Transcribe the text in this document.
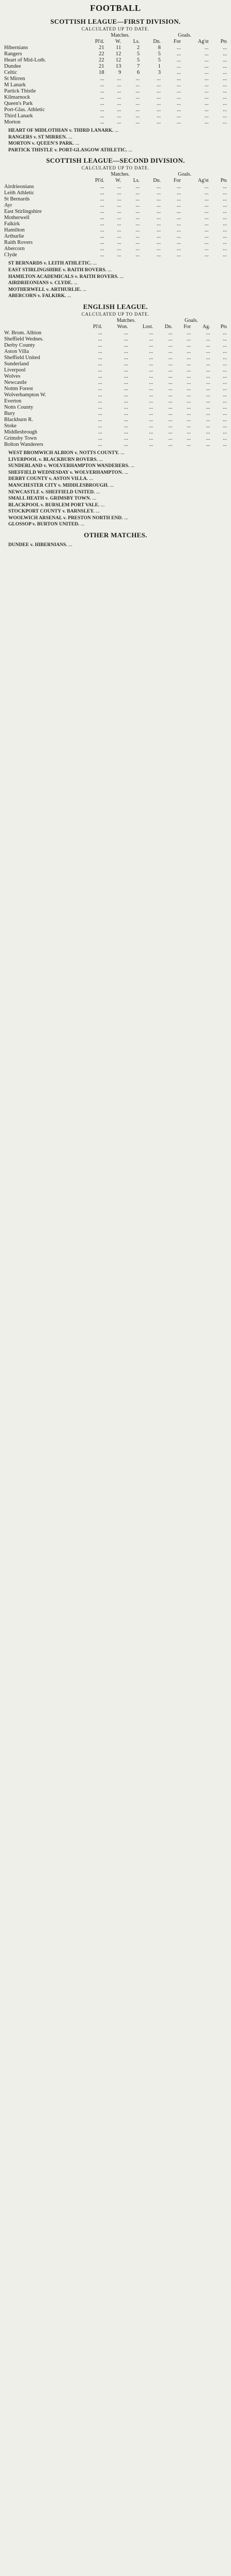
FOOTBALL
SCOTTISH LEAGUE—FIRST DIVISION.
CALCULATED UP TO DATE.
	Matches.				Goals.		
	Pl'd.	W.	Ls.	Dn.	For	Ag'st	Pts
Hibernians	21	11	2	8	...	...	...
Rangers	22	12	5	5	...	...	...
Heart of Mid-Loth.	22	12	5	5	...	...	...
Dundee	21	13	7	1	...	...	...
Celtic	18	9	6	3	...	...	...
St Mirren	...	...	...	...	...	...	...
M Lanark	...	...	...	...	...	...	...
Partick Thistle	...	...	...	...	...	...	...
Kilmarnock	...	...	...	...	...	...	...
Queen's Park	...	...	...	...	...	...	...
Port-Glas. Athletic	...	...	...	...	...	...	...
Third Lanark	...	...	...	...	...	...	...
Morton	...	...	...	...	...	...	...

HEART OF MIDLOTHIAN v. THIRD LANARK. ...

RANGERS v. ST MIRREN. ...

MORTON v. QUEEN'S PARK. ...

PARTICK THISTLE v. PORT-GLASGOW ATHLETIC. ...

SCOTTISH LEAGUE—SECOND DIVISION.
CALCULATED UP TO DATE.
	Matches.				Goals.		
	Pl'd.	W.	Ls.	Dn.	For	Ag'st	Pts
Airdrieonians	...	...	...	...	...	...	...
Leith Athletic	...	...	...	...	...	...	...
St Bernards	...	...	...	...	...	...	...
Ayr	...	...	...	...	...	...	...
East Stirlingshire	...	...	...	...	...	...	...
Motherwell	...	...	...	...	...	...	...
Falkirk	...	...	...	...	...	...	...
Hamilton	...	...	...	...	...	...	...
Arthurlie	...	...	...	...	...	...	...
Raith Rovers	...	...	...	...	...	...	...
Abercorn	...	...	...	...	...	...	...
Clyde	...	...	...	...	...	...	...

ST BERNARDS v. LEITH ATHLETIC. ...

EAST STIRLINGSHIRE v. RAITH ROVERS. ...

HAMILTON ACADEMICALS v. RAITH ROVERS. ...

AIRDRIEONIANS v. CLYDE. ...

MOTHERWELL v. ARTHURLIE. ...

ABERCORN v. FALKIRK. ...

ENGLISH LEAGUE.
CALCULATED UP TO DATE.
	Matches.				Goals.		
	Pl'd.	Won.	Lost.	Dn.	For	Ag.	Pts
W. Brom. Albion	...	...	...	...	...	...	...
Sheffield Wednes.	...	...	...	...	...	...	...
Derby County	...	...	...	...	...	...	...
Aston Villa	...	...	...	...	...	...	...
Sheffield United	...	...	...	...	...	...	...
Sunderland	...	...	...	...	...	...	...
Liverpool	...	...	...	...	...	...	...
Wolves	...	...	...	...	...	...	...
Newcastle	...	...	...	...	...	...	...
Nottm Forest	...	...	...	...	...	...	...
Wolverhampton W.	...	...	...	...	...	...	...
Everton	...	...	...	...	...	...	...
Notts County	...	...	...	...	...	...	...
Bury	...	...	...	...	...	...	...
Blackburn R.	...	...	...	...	...	...	...
Stoke	...	...	...	...	...	...	...
Middlesbrough	...	...	...	...	...	...	...
Grimsby Town	...	...	...	...	...	...	...
Bolton Wanderers	...	...	...	...	...	...	...

WEST BROMWICH ALBION v. NOTTS COUNTY. ...

LIVERPOOL v. BLACKBURN ROVERS. ...

SUNDERLAND v. WOLVERHAMPTON WANDERERS. ...

SHEFFIELD WEDNESDAY v. WOLVERHAMPTON. ...

DERBY COUNTY v. ASTON VILLA. ...

MANCHESTER CITY v. MIDDLESBROUGH. ...

NEWCASTLE v. SHEFFIELD UNITED. ...

SMALL HEATH v. GRIMSBY TOWN. ...

BLACKPOOL v. BURSLEM PORT VALE. ...

STOCKPORT COUNTY v. BARNSLEY. ...

WOOLWICH ARSENAL v. PRESTON NORTH END. ...

GLOSSOP v. BURTON UNITED. ...

OTHER MATCHES.

DUNDEE v. HIBERNIANS. ...
